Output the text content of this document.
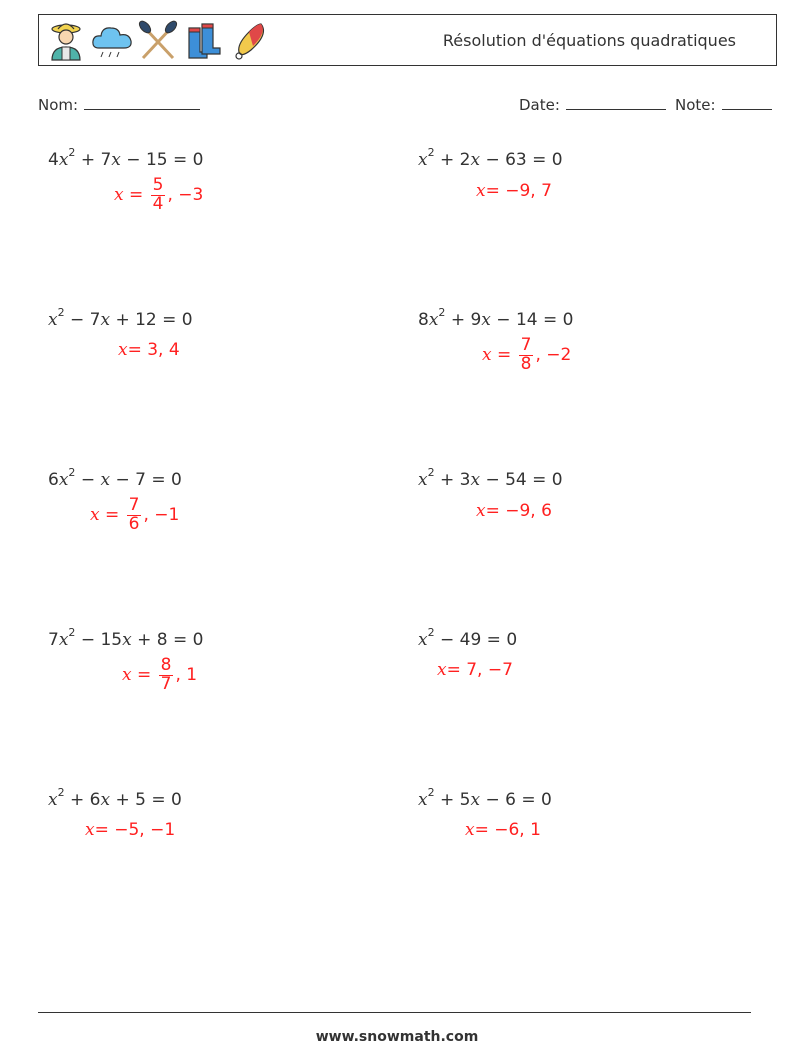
Résolution d'équations quadratiques
Nom:	Date:	Note:
$4x^2 + 7x - 15 = 0$
$x = \frac{5}{4}$ , −3
$x^2 + 2x - 63 = 0$
x = −9, 7
$x^2 - 7x + 12 = 0$
x = 3, 4
$8x^2 + 9x - 14 = 0$
$x = \frac{7}{8}$ , −2
$6x^2 - x - 7 = 0$
$x = \frac{7}{6}$ , −1
$x^2 + 3x - 54 = 0$
x = −9, 6
$7x^2 - 15x + 8 = 0$
$x = \frac{8}{7}$ , 1
$x^2 - 49 = 0$
x = 7, −7
$x^2 + 6x + 5 = 0$
x = −5, −1
$x^2 + 5x - 6 = 0$
x = −6, 1
www.snowmath.com
